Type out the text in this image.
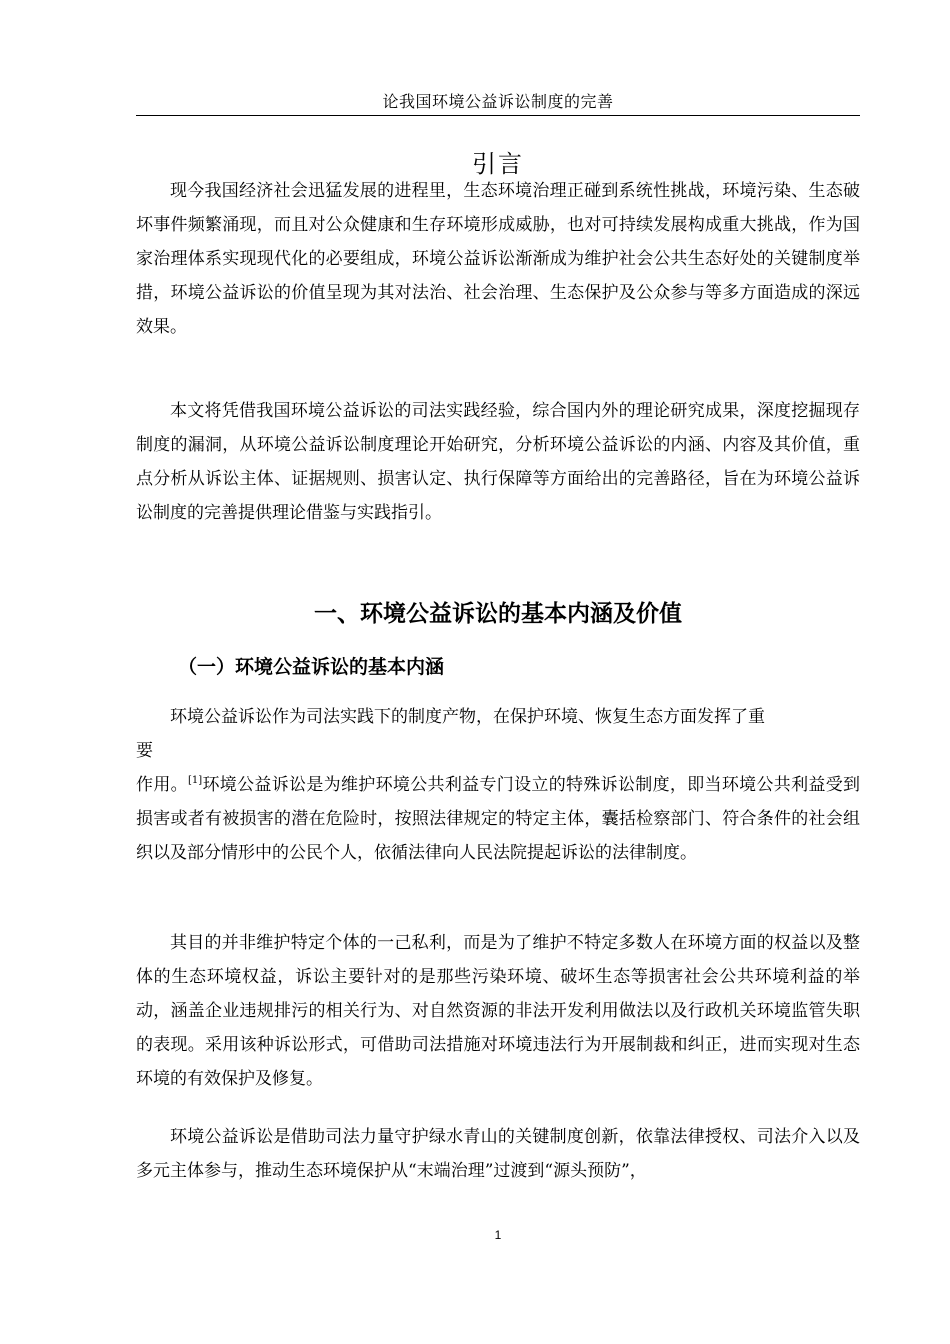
论我国环境公益诉讼制度的完善
引言

现今我国经济社会迅猛发展的进程里，生态环境治理正碰到系统性挑战，环境污染、生态破坏事件频繁涌现，而且对公众健康和生存环境形成威胁，也对可持续发展构成重大挑战，作为国家治理体系实现现代化的必要组成，环境公益诉讼渐渐成为维护社会公共生态好处的关键制度举措，环境公益诉讼的价值呈现为其对法治、社会治理、生态保护及公众参与等多方面造成的深远效果。

本文将凭借我国环境公益诉讼的司法实践经验，综合国内外的理论研究成果，深度挖掘现存制度的漏洞，从环境公益诉讼制度理论开始研究，分析环境公益诉讼的内涵、内容及其价值，重点分析从诉讼主体、证据规则、损害认定、执行保障等方面给出的完善路径，旨在为环境公益诉讼制度的完善提供理论借鉴与实践指引。

一、环境公益诉讼的基本内涵及价值
（一）环境公益诉讼的基本内涵
环境公益诉讼作为司法实践下的制度产物，在保护环境、恢复生态方面发挥了重
要
作用。[1]环境公益诉讼是为维护环境公共利益专门设立的特殊诉讼制度，即当环境公共利益受到损害或者有被损害的潜在危险时，按照法律规定的特定主体，囊括检察部门、符合条件的社会组织以及部分情形中的公民个人，依循法律向人民法院提起诉讼的法律制度。

其目的并非维护特定个体的一己私利，而是为了维护不特定多数人在环境方面的权益以及整体的生态环境权益，诉讼主要针对的是那些污染环境、破坏生态等损害社会公共环境利益的举动，涵盖企业违规排污的相关行为、对自然资源的非法开发利用做法以及行政机关环境监管失职的表现。采用该种诉讼形式，可借助司法措施对环境违法行为开展制裁和纠正，进而实现对生态环境的有效保护及修复。

环境公益诉讼是借助司法力量守护绿水青山的关键制度创新，依靠法律授权、司法介入以及多元主体参与，推动生态环境保护从“末端治理”过渡到“源头预防”，

1
